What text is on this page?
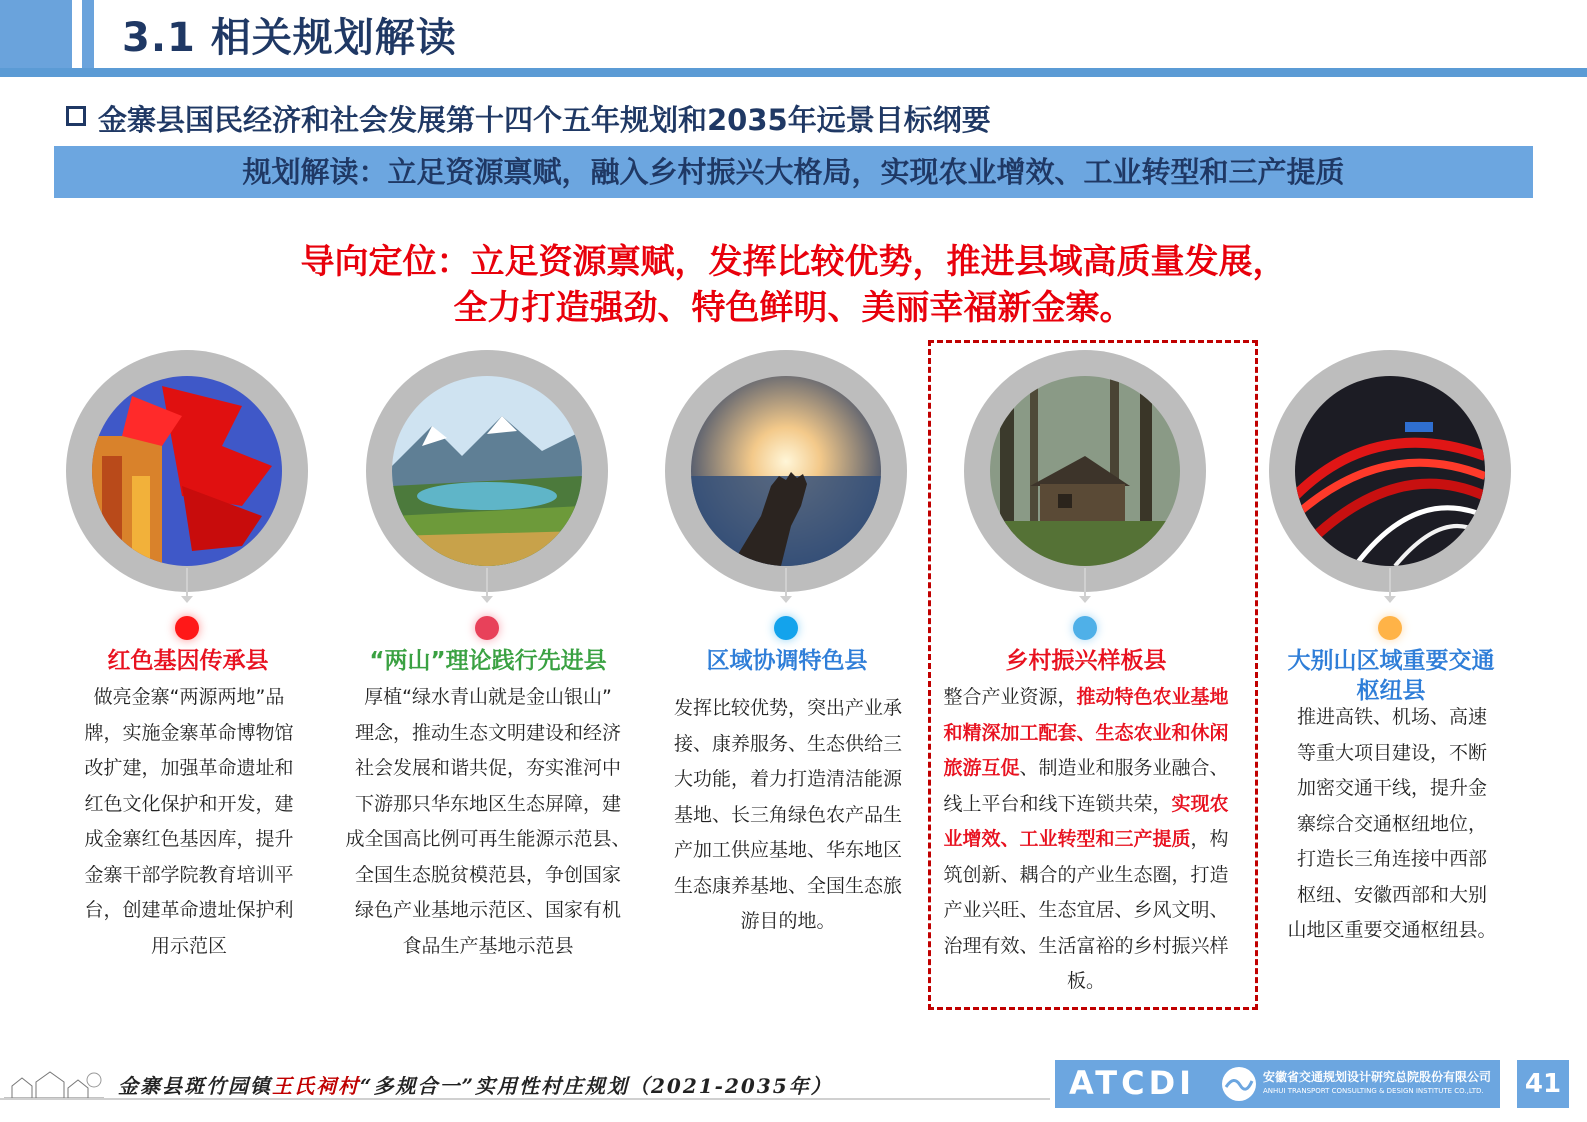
3.1 相关规划解读
金寨县国民经济和社会发展第十四个五年规划和2035年远景目标纲要
规划解读：立足资源禀赋，融入乡村振兴大格局，实现农业增效、工业转型和三产提质
导向定位：立足资源禀赋，发挥比较优势，推进县域高质量发展，
全力打造强劲、特色鲜明、美丽幸福新金寨。
红色基因传承县
做亮金寨“两源两地”品
牌，实施金寨革命博物馆
改扩建，加强革命遗址和
红色文化保护和开发，建
成金寨红色基因库，提升
金寨干部学院教育培训平
台，创建革命遗址保护利
用示范区
“两山”理论践行先进县
厚植“绿水青山就是金山银山”
理念，推动生态文明建设和经济
社会发展和谐共促，夯实淮河中
下游那只华东地区生态屏障，建
成全国高比例可再生能源示范县、
全国生态脱贫模范县，争创国家
绿色产业基地示范区、国家有机
食品生产基地示范县
区域协调特色县
发挥比较优势，突出产业承
接、康养服务、生态供给三
大功能，着力打造清洁能源
基地、长三角绿色农产品生
产加工供应基地、华东地区
生态康养基地、全国生态旅
游目的地。
乡村振兴样板县
整合产业资源，推动特色农业基地
和精深加工配套、生态农业和休闲
旅游互促、制造业和服务业融合、
线上平台和线下连锁共荣，实现农
业增效、工业转型和三产提质，构
筑创新、耦合的产业生态圈，打造
产业兴旺、生态宜居、乡风文明、
治理有效、生活富裕的乡村振兴样
板。
大别山区域重要交通
枢纽县
推进高铁、机场、高速
等重大项目建设，不断
加密交通干线，提升金
寨综合交通枢纽地位，
打造长三角连接中西部
枢纽、安徽西部和大别
山地区重要交通枢纽县。
金寨县斑竹园镇王氏祠村“多规合一”实用性村庄规划（2021-2035年）	ATCDI	安徽省交通规划设计研究总院股份有限公司
ANHUI TRANSPORT CONSULTING & DESIGN INSTITUTE CO.,LTD.	41
